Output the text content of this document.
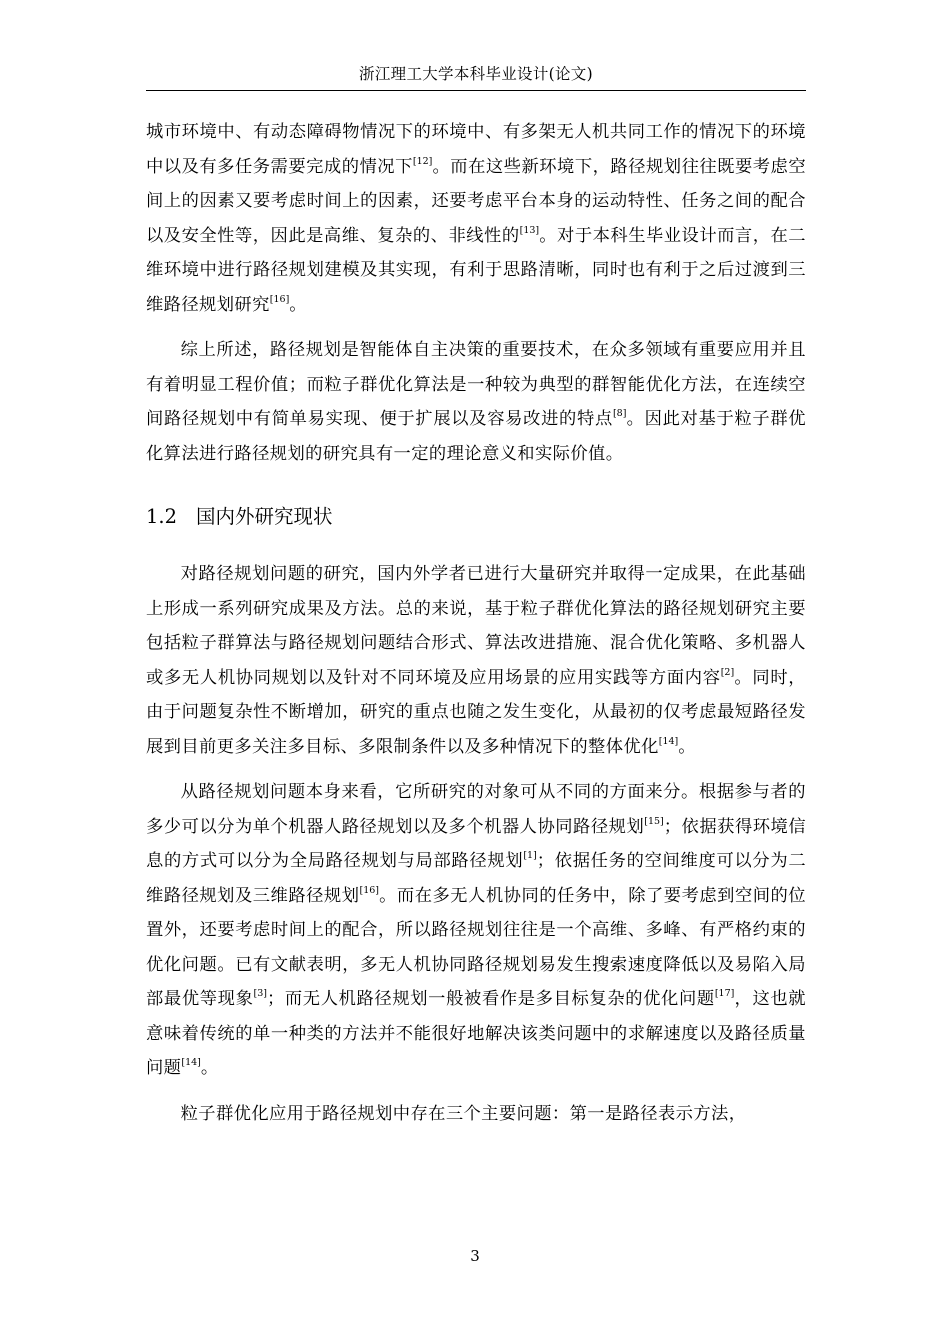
浙江理工大学本科毕业设计(论文)

城市环境中、有动态障碍物情况下的环境中、有多架无人机共同工作的情况下的环境中以及有多任务需要完成的情况下[12]。而在这些新环境下，路径规划往往既要考虑空间上的因素又要考虑时间上的因素，还要考虑平台本身的运动特性、任务之间的配合以及安全性等，因此是高维、复杂的、非线性的[13]。对于本科生毕业设计而言，在二维环境中进行路径规划建模及其实现，有利于思路清晰，同时也有利于之后过渡到三维路径规划研究[16]。

综上所述，路径规划是智能体自主决策的重要技术，在众多领域有重要应用并且有着明显工程价值；而粒子群优化算法是一种较为典型的群智能优化方法，在连续空间路径规划中有简单易实现、便于扩展以及容易改进的特点[8]。因此对基于粒子群优化算法进行路径规划的研究具有一定的理论意义和实际价值。

1.2 国内外研究现状

对路径规划问题的研究，国内外学者已进行大量研究并取得一定成果，在此基础上形成一系列研究成果及方法。总的来说，基于粒子群优化算法的路径规划研究主要包括粒子群算法与路径规划问题结合形式、算法改进措施、混合优化策略、多机器人或多无人机协同规划以及针对不同环境及应用场景的应用实践等方面内容[2]。同时，由于问题复杂性不断增加，研究的重点也随之发生变化，从最初的仅考虑最短路径发展到目前更多关注多目标、多限制条件以及多种情况下的整体优化[14]。

从路径规划问题本身来看，它所研究的对象可从不同的方面来分。根据参与者的多少可以分为单个机器人路径规划以及多个机器人协同路径规划[15]；依据获得环境信息的方式可以分为全局路径规划与局部路径规划[1]；依据任务的空间维度可以分为二维路径规划及三维路径规划[16]。而在多无人机协同的任务中，除了要考虑到空间的位置外，还要考虑时间上的配合，所以路径规划往往是一个高维、多峰、有严格约束的优化问题。已有文献表明，多无人机协同路径规划易发生搜索速度降低以及易陷入局部最优等现象[3]；而无人机路径规划一般被看作是多目标复杂的优化问题[17]，这也就意味着传统的单一种类的方法并不能很好地解决该类问题中的求解速度以及路径质量问题[14]。

粒子群优化应用于路径规划中存在三个主要问题：第一是路径表示方法，

3
